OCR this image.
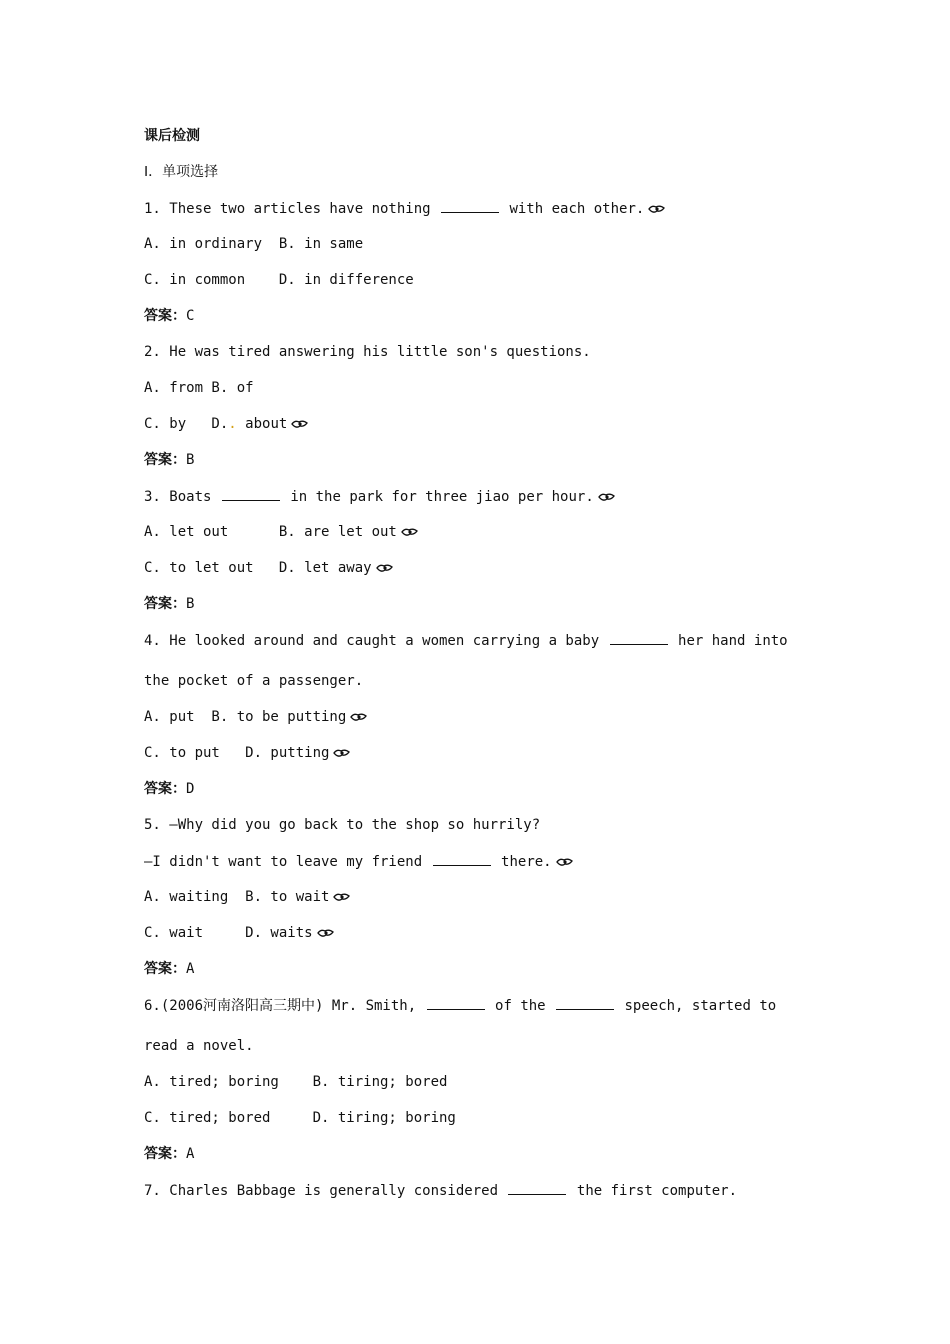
课后检测
Ⅰ．单项选择
1. These two articles have nothing	with each other.
A. in ordinary  B. in same
C. in common    D. in difference
答案：C
2. He was tired answering his little son's questions.
A. from B. of
C. by   D.. about
答案：B
3. Boats	in the park for three jiao per hour.
A. let out      B. are let out
C. to let out   D. let away
答案：B
4. He looked around and caught a women carrying a baby	her hand into
the pocket of a passenger.
A. put  B. to be putting
C. to put   D. putting
答案：D
5. —Why did you go back to the shop so hurrily?
—I didn't want to leave my friend	there.
A. waiting  B. to wait
C. wait     D. waits
答案：A
6.(2006河南洛阳高三期中) Mr. Smith,	of the	speech, started to
read a novel.
A. tired; boring    B. tiring; bored
C. tired; bored     D. tiring; boring
答案：A
7. Charles Babbage is generally considered	the first computer.
